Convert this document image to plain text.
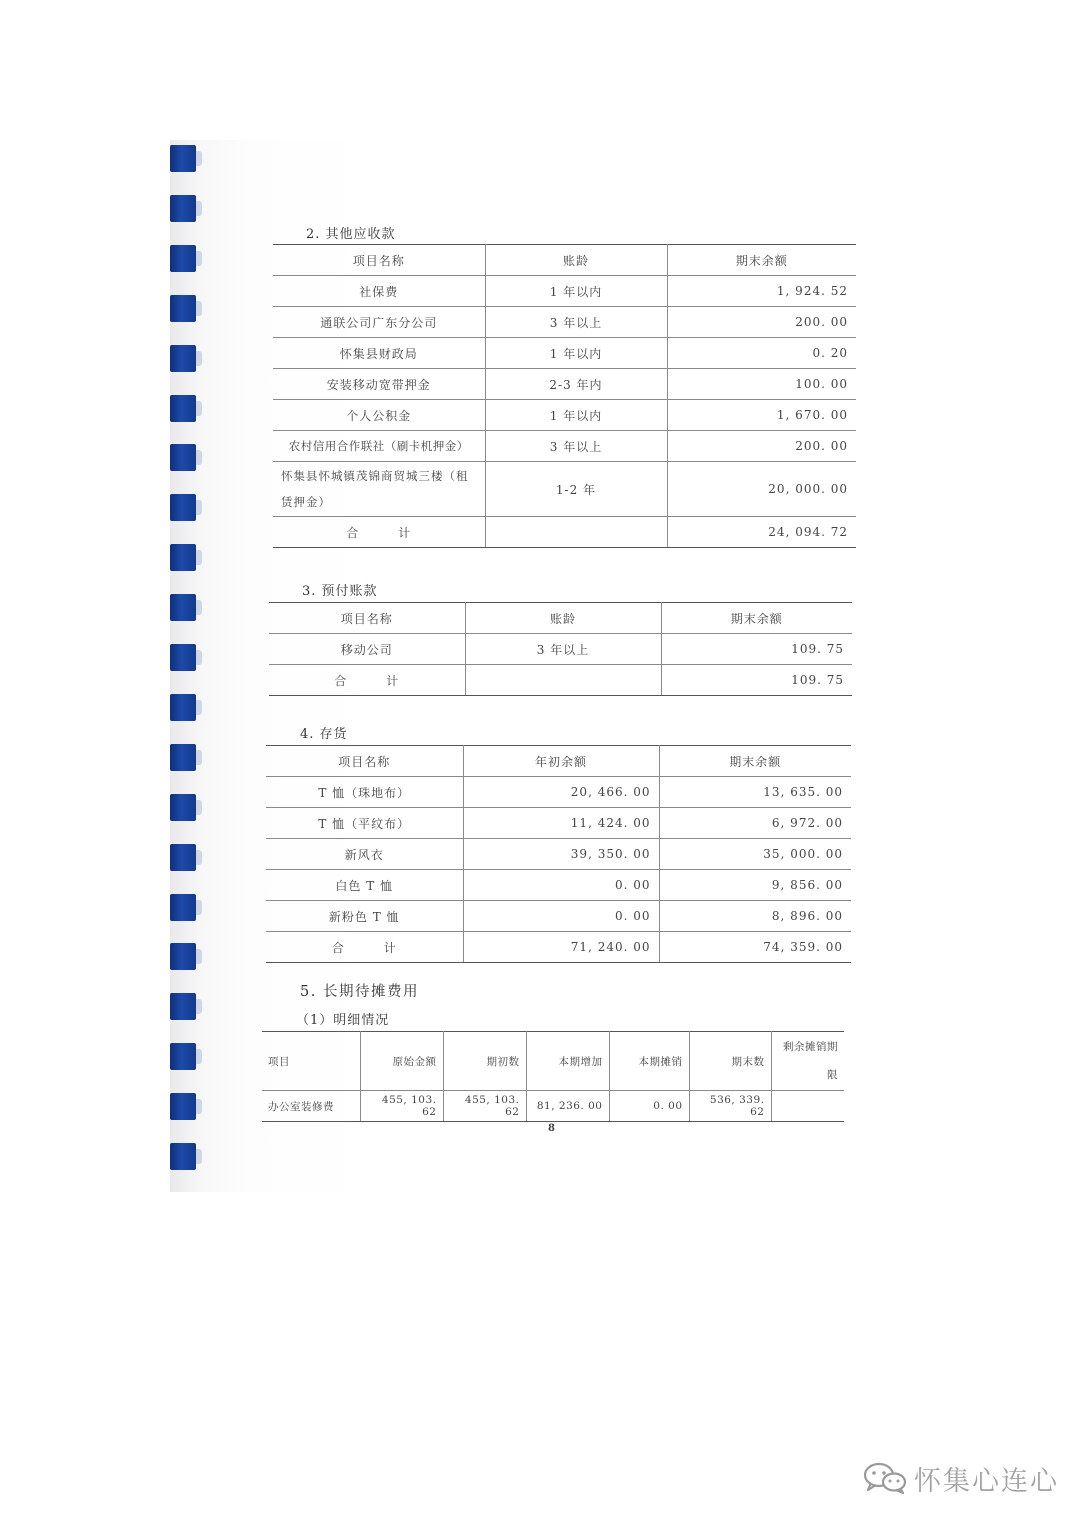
2. 其他应收款
项目名称	账龄	期末余额
社保费	1 年以内	1, 924. 52
通联公司广东分公司	3 年以上	200. 00
怀集县财政局	1 年以内	0. 20
安装移动宽带押金	2-3 年内	100. 00
个人公积金	1 年以内	1, 670. 00
农村信用合作联社（刷卡机押金）	3 年以上	200. 00
怀集县怀城镇茂锦商贸城三楼（租赁押金）	1-2 年	20, 000. 00
合　　　计		24, 094. 72
3. 预付账款
项目名称	账龄	期末余额
移动公司	3 年以上	109. 75
合　　　计		109. 75
4. 存货
项目名称	年初余额	期末余额
T 恤（珠地布）	20, 466. 00	13, 635. 00
T 恤（平纹布）	11, 424. 00	6, 972. 00
新风衣	39, 350. 00	35, 000. 00
白色 T 恤	0. 00	9, 856. 00
新粉色 T 恤	0. 00	8, 896. 00
合　　　计	71, 240. 00	74, 359. 00
5. 长期待摊费用
（1）明细情况
项目	原始金额	期初数	本期增加	本期摊销	期末数	剩余摊销期限
办公室装修费	455, 103. 62	455, 103. 62	81, 236. 00	0. 00	536, 339. 62	
8
怀集心连心
